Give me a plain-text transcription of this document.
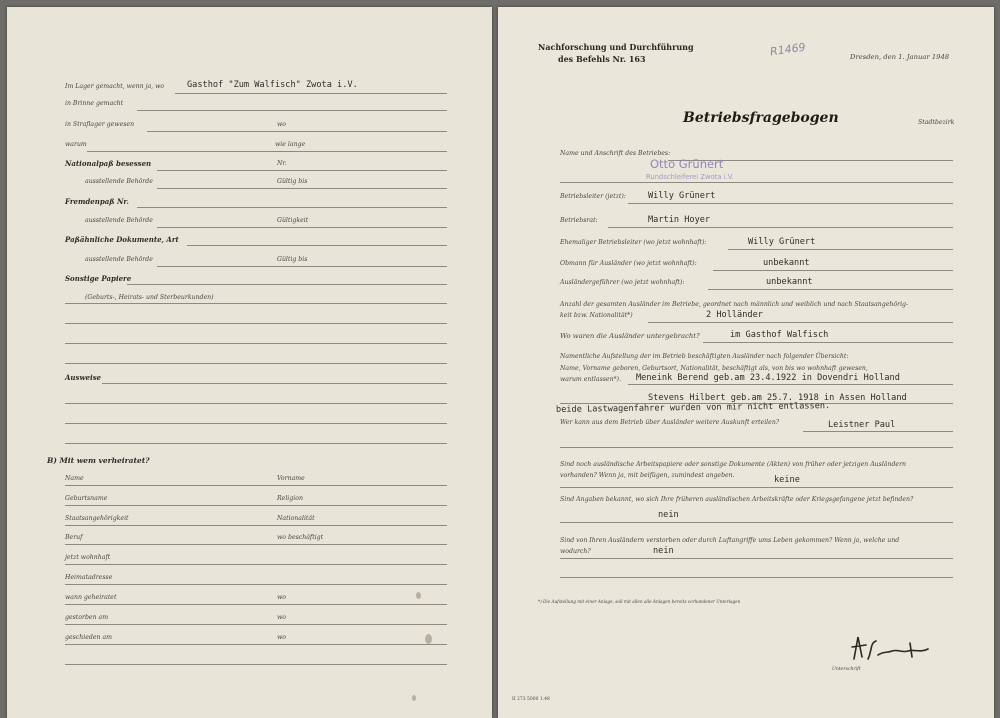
Im Lager gemacht, wenn ja, wo	Gasthof "Zum Walfisch" Zwota i.V.
in Brinne gemacht
in Straflager gewesen	wo
warum	wie lange
Nationalpaß besessen	Nr.
ausstellende Behörde	Gültig bis
Fremdenpaß Nr.
ausstellende Behörde	Gültigkeit
Paßähnliche Dokumente, Art
ausstellende Behörde	Gültig bis
Sonstige Papiere
(Geburts-, Heirats- und Sterbeurkunden)
Ausweise
B) Mit wem verheiratet?
Name	Vorname
Geburtsname	Religion
Staatsangehörigkeit	Nationalität
Beruf	wo beschäftigt
jetzt wohnhaft
Heimatadresse
wann geheiratet	wo
gestorben am	wo
geschieden am	wo
Nachforschung und Durchführung
des Befehls Nr. 163
R1469	Dresden, den 1. Januar 1948
Betriebsfragebogen	Stadtbezirk
Name und Anschrift des Betriebes:
Otto Grünert
Rundschleiferei Zwota i.V.
Betriebsleiter (jetzt):	Willy Grünert
Betriebsrat:	Martin Hoyer
Ehemaliger Betriebsleiter (wo jetzt wohnhaft):	Willy Grünert
Obmann für Ausländer (wo jetzt wohnhaft):	unbekannt
Ausländergeführer (wo jetzt wohnhaft):	unbekannt
Anzahl der gesamten Ausländer im Betriebe, geordnet nach männlich und weiblich und nach Staatsangehörig-
keit bzw. Nationalität*)	2 Holländer
Wo waren die Ausländer untergebracht?	im Gasthof Walfisch
Namentliche Aufstellung der im Betrieb beschäftigten Ausländer nach folgender Übersicht:
Name, Vorname geboren, Geburtsort, Nationalität, beschäftigt als, von bis wo wohnhaft gewesen,
warum entlassen*). Meneink Berend geb.am 23.4.1922 in Dovendri Holland
Stevens Hilbert geb.am 25.7. 1918 in Assen Holland
beide Lastwagenfahrer wurden von mir nicht entlassen.
Wer kann aus dem Betrieb über Ausländer weitere Auskunft erteilen?	Leistner Paul
Sind noch ausländische Arbeitspapiere oder sonstige Dokumente (Akten) von früher oder jetzigen Ausländern
vorhanden? Wenn ja, mit beifügen, zumindest angeben.	keine
Sind Angaben bekannt, wo sich Ihre früheren ausländischen Arbeitskräfte oder Kriegsgefangene jetzt befinden?
nein
Sind von Ihren Ausländern verstorben oder durch Luftangriffe ums Leben gekommen? Wenn ja, welche und
wodurch?	nein
*) Die Aufstellung mit einer Anlage, soll mit allen alle Anlagen bereits vorhandener Unterlagen
Unterschrift
II 273 5000 1.48
